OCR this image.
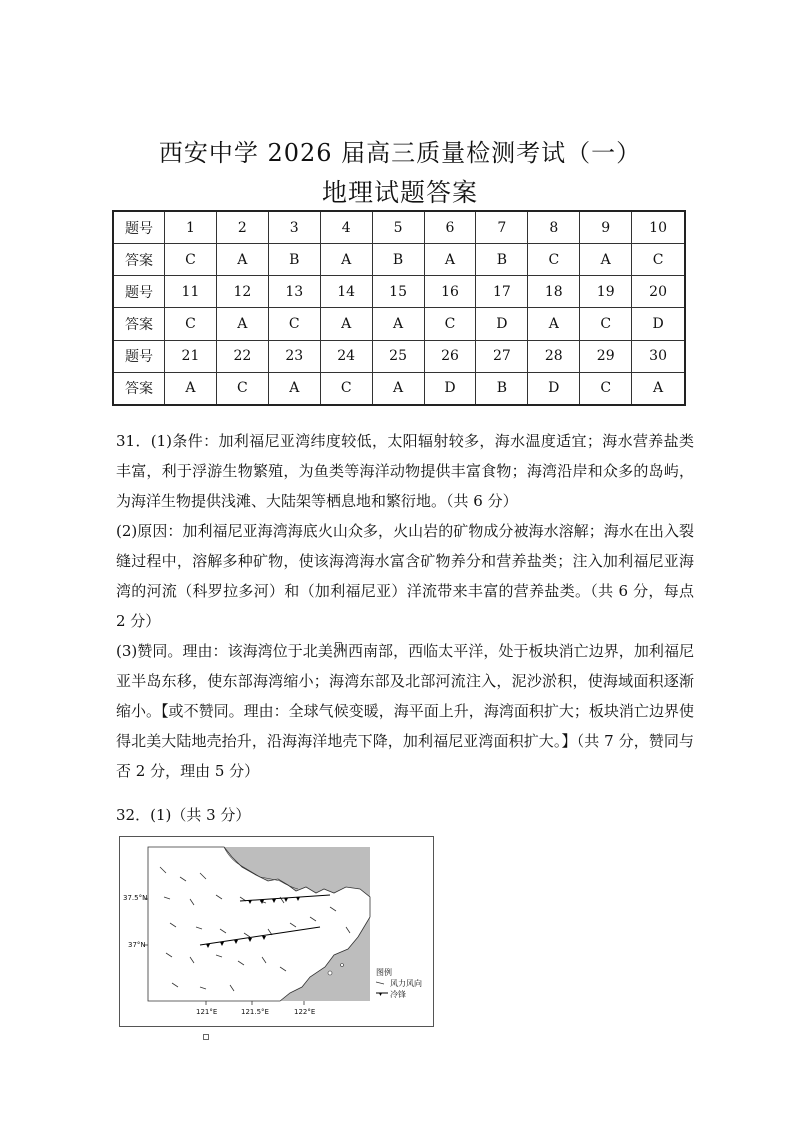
西安中学 2026 届高三质量检测考试（一）
地理试题答案
题号	1	2	3	4	5	6	7	8	9	10
答案	C	A	B	A	B	A	B	C	A	C
题号	11	12	13	14	15	16	17	18	19	20
答案	C	A	C	A	A	C	D	A	C	D
题号	21	22	23	24	25	26	27	28	29	30
答案	A	C	A	C	A	D	B	D	C	A

31．(1)条件：加利福尼亚湾纬度较低，太阳辐射较多，海水温度适宜；海水营养盐类丰富，利于浮游生物繁殖，为鱼类等海洋动物提供丰富食物；海湾沿岸和众多的岛屿，为海洋生物提供浅滩、大陆架等栖息地和繁衍地。（共 6 分）

(2)原因：加利福尼亚海湾海底火山众多，火山岩的矿物成分被海水溶解；海水在出入裂缝过程中，溶解多种矿物，使该海湾海水富含矿物养分和营养盐类；注入加利福尼亚海湾的河流（科罗拉多河）和（加利福尼亚）洋流带来丰富的营养盐类。（共 6 分，每点 2 分）

(3)赞同。理由：该海湾位于北美洲西南部，西临太平洋，处于板块消亡边界，加利福尼亚半岛东移，使东部海湾缩小；海湾东部及北部河流注入，泥沙淤积，使海域面积逐渐缩小。【或不赞同。理由：全球气候变暖，海平面上升，海湾面积扩大；板块消亡边界使得北美大陆地壳抬升，沿海海洋地壳下降，加利福尼亚湾面积扩大。】（共 7 分，赞同与否 2 分，理由 5 分）

32．(1)（共 3 分）

37.5°N
37°N
121°E	121.5°E	122°E
图例
风力风向
冷锋
